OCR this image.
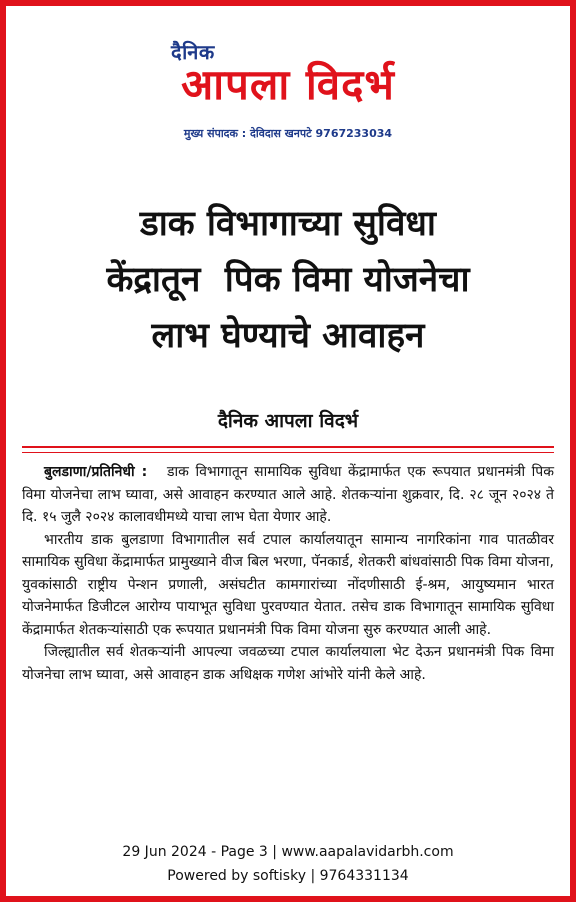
दैनिक
आपला विदर्भ
मुख्य संपादक : देविदास खनपटे 9767233034
डाक विभागाच्या सुविधा
केंद्रातून  पिक विमा योजनेचा
लाभ घेण्याचे आवाहन
दैनिक आपला विदर्भ

बुलडाणा/प्रतिनिधी : डाक विभागातून सामायिक सुविधा केंद्रामार्फत एक रूपयात प्रधानमंत्री पिक विमा योजनेचा लाभ घ्यावा, असे आवाहन करण्यात आले आहे. शेतकऱ्यांना शुक्रवार, दि. २८ जून २०२४ ते दि. १५ जुलै २०२४ कालावधीमध्ये याचा लाभ घेता येणार आहे.

भारतीय डाक बुलडाणा विभागातील सर्व टपाल कार्यालयातून सामान्य नागरिकांना गाव पातळीवर सामायिक सुविधा केंद्रामार्फत प्रामुख्याने वीज बिल भरणा, पॅनकार्ड, शेतकरी बांधवांसाठी पिक विमा योजना, युवकांसाठी राष्ट्रीय पेन्शन प्रणाली, असंघटीत कामगारांच्या नोंदणीसाठी ई-श्रम, आयुष्यमान भारत योजनेमार्फत डिजीटल आरोग्य पायाभूत सुविधा पुरवण्यात येतात. तसेच डाक विभागातून सामायिक सुविधा केंद्रामार्फत शेतकऱ्यांसाठी एक रूपयात प्रधानमंत्री पिक विमा योजना सुरु करण्यात आली आहे.

जिल्ह्यातील सर्व शेतकऱ्यांनी आपल्या जवळच्या टपाल कार्यालयाला भेट देऊन प्रधानमंत्री पिक विमा योजनेचा लाभ घ्यावा, असे आवाहन डाक अधिक्षक गणेश आंभोरे यांनी केले आहे.

29 Jun 2024 - Page 3 | www.aapalavidarbh.com
Powered by softisky | 9764331134
